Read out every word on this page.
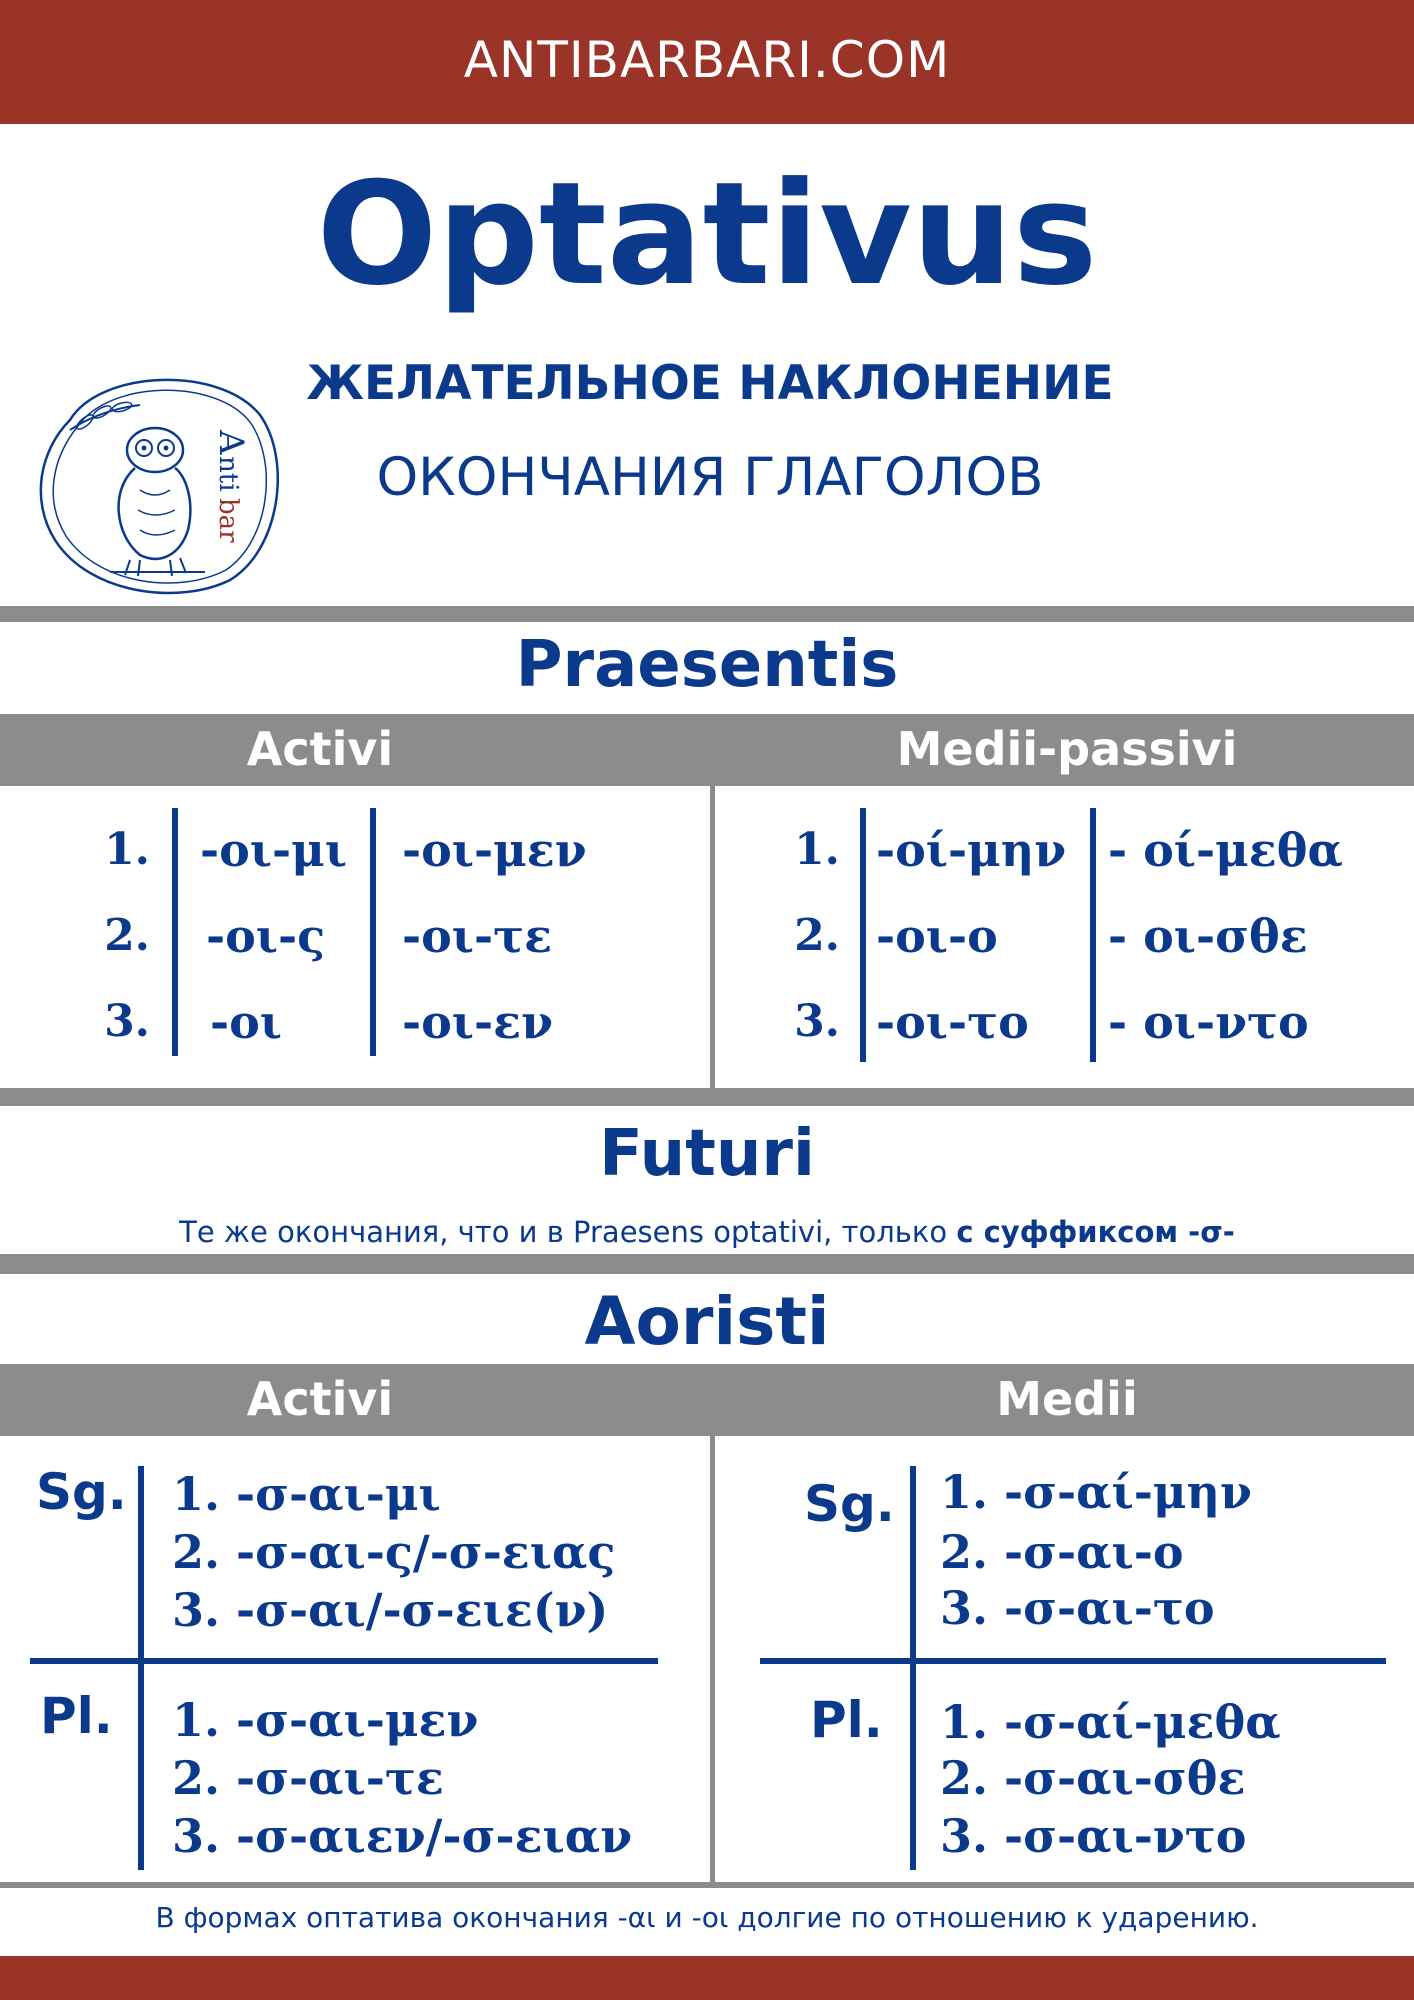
ANTIBARBARI.COM
Optativus
ЖЕЛАТЕЛЬНОЕ НАКЛОНЕНИЕ
ОКОНЧАНИЯ ГЛАГОЛОВ
A
nti
bar
Praesentis
Activi	Medii-passivi
1.
2.
3.
-οι-μι
-οι-ς
-οι
-οι-μεν
-οι-τε
-οι-εν
1.
2.
3.
-οί-μην
-οι-ο
-οι-το
- οί-μεθα
- οι-σθε
- οι-ντο
Futuri
Те же окончания, что и в Praesens optativi, только с суффиксом -σ-
Aoristi
Activi	Medii
Sg.
Pl.
1. -σ-αι-μι
2. -σ-αι-ς/-σ-ειας
3. -σ-αι/-σ-ειε(ν)
1. -σ-αι-μεν
2. -σ-αι-τε
3. -σ-αιεν/-σ-ειαν
Sg.
Pl.
1. -σ-αί-μην
2. -σ-αι-ο
3. -σ-αι-το
1. -σ-αί-μεθα
2. -σ-αι-σθε
3. -σ-αι-ντο
В формах оптатива окончания -αι и -οι долгие по отношению к ударению.
